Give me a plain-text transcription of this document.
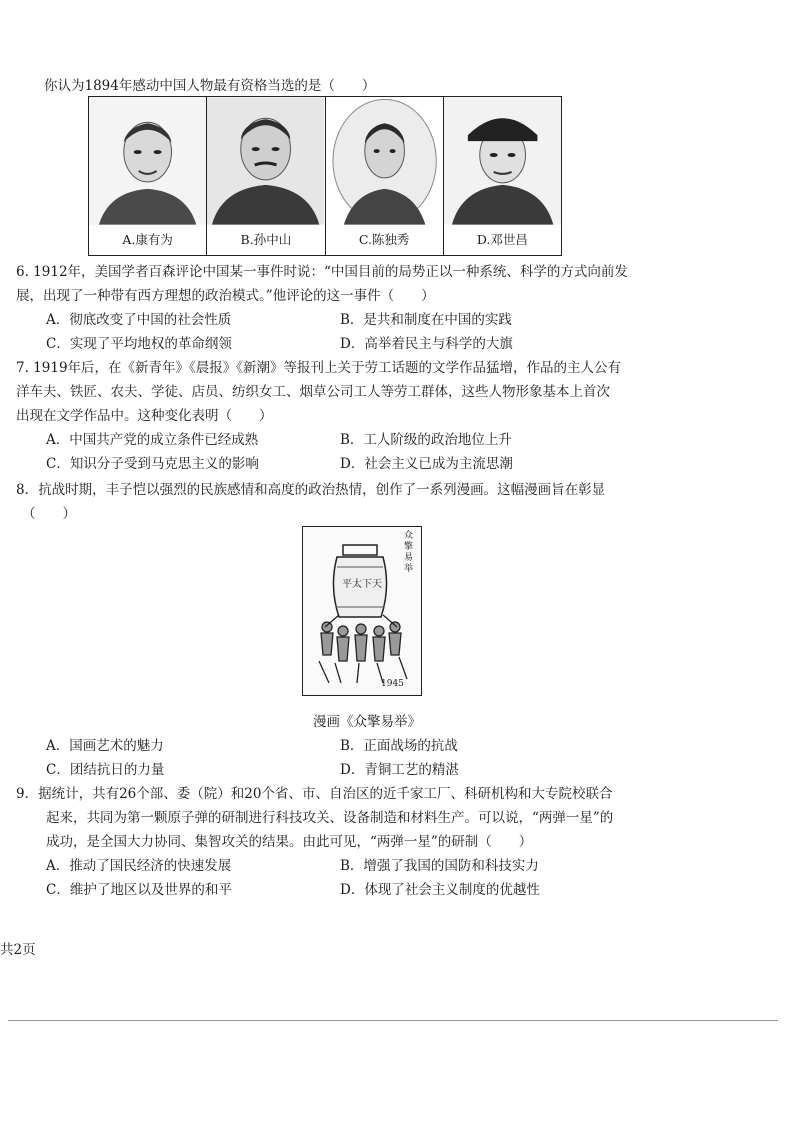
你认为1894年感动中国人物最有资格当选的是（　　）
A.康有为	B.孙中山	C.陈独秀	D.邓世昌
6. 1912年，美国学者百森评论中国某一事件时说：“中国目前的局势正以一种系统、科学的方式向前发
展，出现了一种带有西方理想的政治模式。”他评论的这一事件（　　）
A．彻底改变了中国的社会性质	B．是共和制度在中国的实践
C．实现了平均地权的革命纲领	D．高举着民主与科学的大旗
7. 1919年后，在《新青年》《晨报》《新潮》等报刊上关于劳工话题的文学作品猛增，作品的主人公有
洋车夫、铁匠、农夫、学徒、店员、纺织女工、烟草公司工人等劳工群体，这些人物形象基本上首次
出现在文学作品中。这种变化表明（　　）
A．中国共产党的成立条件已经成熟	B．工人阶级的政治地位上升
C．知识分子受到马克思主义的影响	D．社会主义已成为主流思潮
8．抗战时期，丰子恺以强烈的民族感情和高度的政治热情，创作了一系列漫画。这幅漫画旨在彰显
（　　）
平太下天
众擎易举
1945
漫画《众擎易举》
A．国画艺术的魅力	B．正面战场的抗战
C．团结抗日的力量	D．青铜工艺的精湛
9．据统计，共有26个部、委（院）和20个省、市、自治区的近千家工厂、科研机构和大专院校联合
起来，共同为第一颗原子弹的研制进行科技攻关、设备制造和材料生产。可以说，“两弹一星”的
成功，是全国大力协同、集智攻关的结果。由此可见，“两弹一星”的研制（　　）
A．推动了国民经济的快速发展	B．增强了我国的国防和科技实力
C．维护了地区以及世界的和平	D．体现了社会主义制度的优越性
共2页
